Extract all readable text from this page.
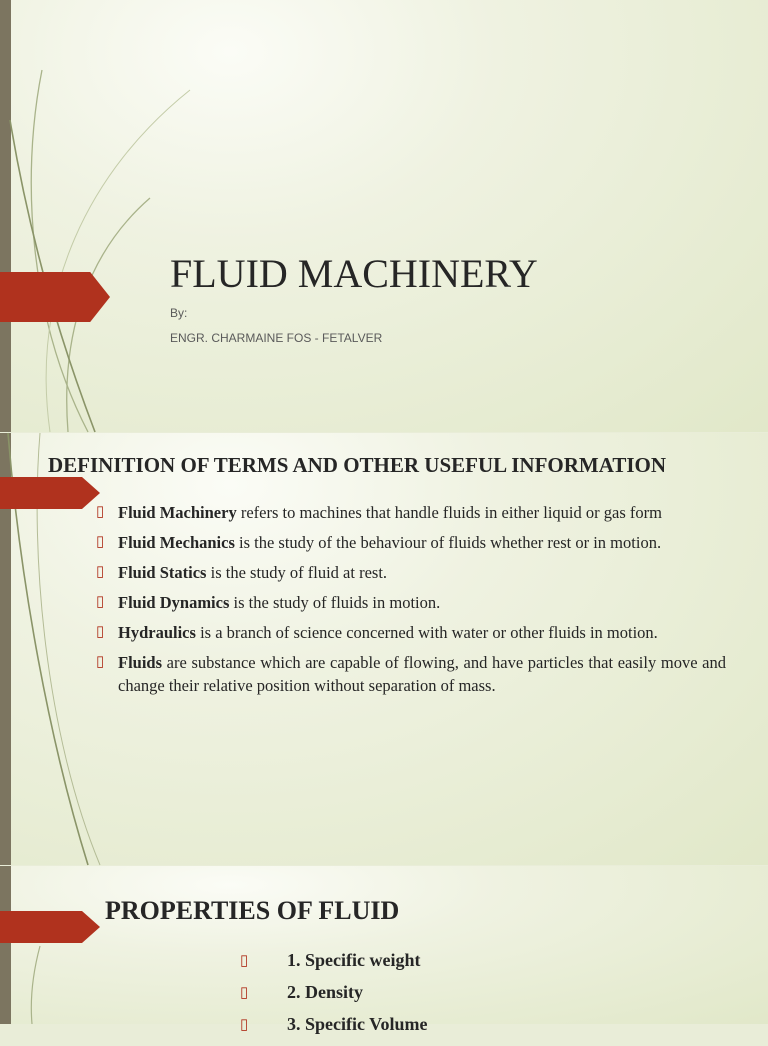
FLUID MACHINERY

By:

ENGR. CHARMAINE FOS - FETALVER

DEFINITION OF TERMS AND OTHER USEFUL INFORMATION
▯ Fluid Machinery refers to machines that handle fluids in either liquid or gas form
▯ Fluid Mechanics is the study of the behaviour of fluids whether rest or in motion.
▯ Fluid Statics is the study of fluid at rest.
▯ Fluid Dynamics is the study of fluids in motion.
▯ Hydraulics is a branch of science concerned with water or other fluids in motion.
▯ Fluids are substance which are capable of flowing, and have particles that easily move and change their relative position without separation of mass.
PROPERTIES OF FLUID
▯ 1. Specific weight
▯ 2. Density
▯ 3. Specific Volume
